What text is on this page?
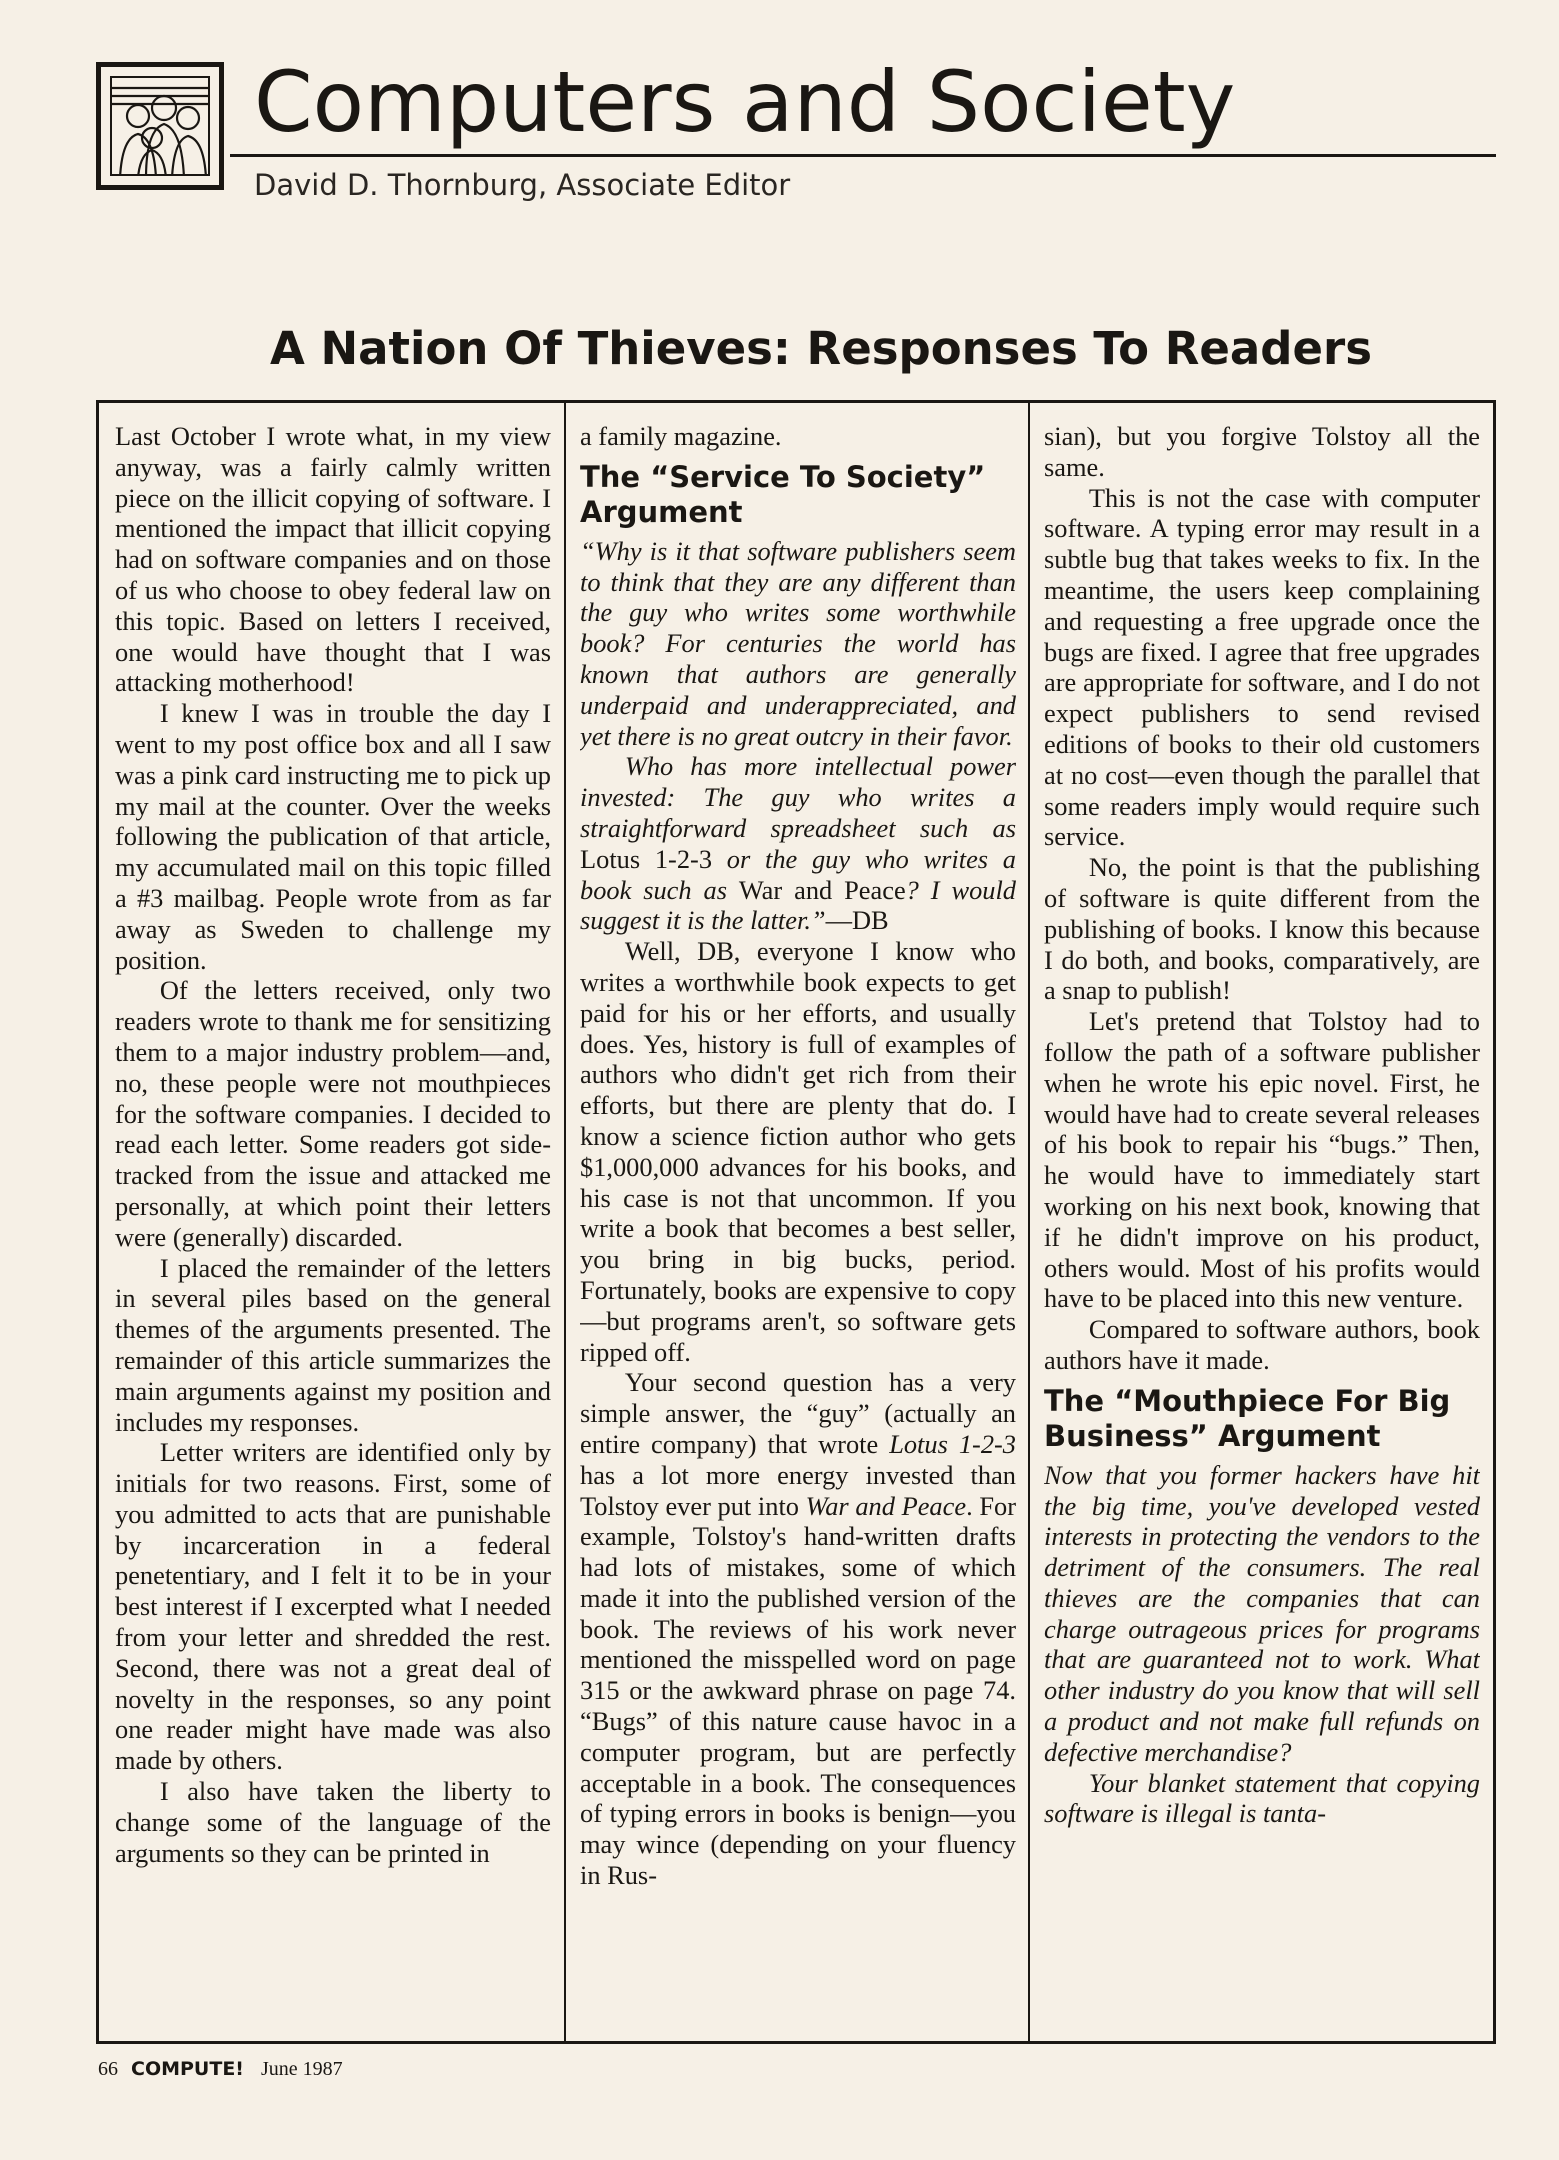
Computers and Society
David D. Thornburg, Associate Editor
A Nation Of Thieves: Responses To Readers

Last October I wrote what, in my view anyway, was a fairly calmly written piece on the illicit copying of software. I mentioned the impact that illicit copying had on software companies and on those of us who choose to obey federal law on this topic. Based on letters I received, one would have thought that I was attacking motherhood!

I knew I was in trouble the day I went to my post office box and all I saw was a pink card instructing me to pick up my mail at the counter. Over the weeks following the publication of that article, my accumulated mail on this topic filled a #3 mailbag. People wrote from as far away as Sweden to challenge my position.

Of the letters received, only two readers wrote to thank me for sensitizing them to a major industry problem—and, no, these people were not mouthpieces for the software companies. I decided to read each letter. Some readers got side-tracked from the issue and attacked me personally, at which point their letters were (generally) discarded.

I placed the remainder of the letters in several piles based on the general themes of the arguments presented. The remainder of this article summarizes the main arguments against my position and includes my responses.

Letter writers are identified only by initials for two reasons. First, some of you admitted to acts that are punishable by incarceration in a federal penetentiary, and I felt it to be in your best interest if I excerpted what I needed from your letter and shredded the rest. Second, there was not a great deal of novelty in the responses, so any point one reader might have made was also made by others.

I also have taken the liberty to change some of the language of the arguments so they can be printed in

a family magazine.

The “Service To Society” Argument

“Why is it that software publishers seem to think that they are any different than the guy who writes some worthwhile book? For centuries the world has known that authors are generally underpaid and underappreciated, and yet there is no great outcry in their favor.

Who has more intellectual power invested: The guy who writes a straightforward spreadsheet such as Lotus 1-2-3 or the guy who writes a book such as War and Peace? I would suggest it is the latter.”—DB

Well, DB, everyone I know who writes a worthwhile book expects to get paid for his or her efforts, and usually does. Yes, history is full of examples of authors who didn't get rich from their efforts, but there are plenty that do. I know a science fiction author who gets $1,000,000 advances for his books, and his case is not that uncommon. If you write a book that becomes a best seller, you bring in big bucks, period. Fortunately, books are expensive to copy—but programs aren't, so software gets ripped off.

Your second question has a very simple answer, the “guy” (actually an entire company) that wrote Lotus 1-2-3 has a lot more energy invested than Tolstoy ever put into War and Peace. For example, Tolstoy's hand-written drafts had lots of mistakes, some of which made it into the published version of the book. The reviews of his work never mentioned the misspelled word on page 315 or the awkward phrase on page 74. “Bugs” of this nature cause havoc in a computer program, but are perfectly acceptable in a book. The consequences of typing errors in books is benign—you may wince (depending on your fluency in Rus-

sian), but you forgive Tolstoy all the same.

This is not the case with computer software. A typing error may result in a subtle bug that takes weeks to fix. In the meantime, the users keep complaining and requesting a free upgrade once the bugs are fixed. I agree that free upgrades are appropriate for software, and I do not expect publishers to send revised editions of books to their old customers at no cost—even though the parallel that some readers imply would require such service.

No, the point is that the publishing of software is quite different from the publishing of books. I know this because I do both, and books, comparatively, are a snap to publish!

Let's pretend that Tolstoy had to follow the path of a software publisher when he wrote his epic novel. First, he would have had to create several releases of his book to repair his “bugs.” Then, he would have to immediately start working on his next book, knowing that if he didn't improve on his product, others would. Most of his profits would have to be placed into this new venture.

Compared to software authors, book authors have it made.

The “Mouthpiece For Big Business” Argument

Now that you former hackers have hit the big time, you've developed vested interests in protecting the vendors to the detriment of the consumers. The real thieves are the companies that can charge outrageous prices for programs that are guaranteed not to work. What other industry do you know that will sell a product and not make full refunds on defective merchandise?

Your blanket statement that copying software is illegal is tanta-

66 COMPUTE! June 1987
